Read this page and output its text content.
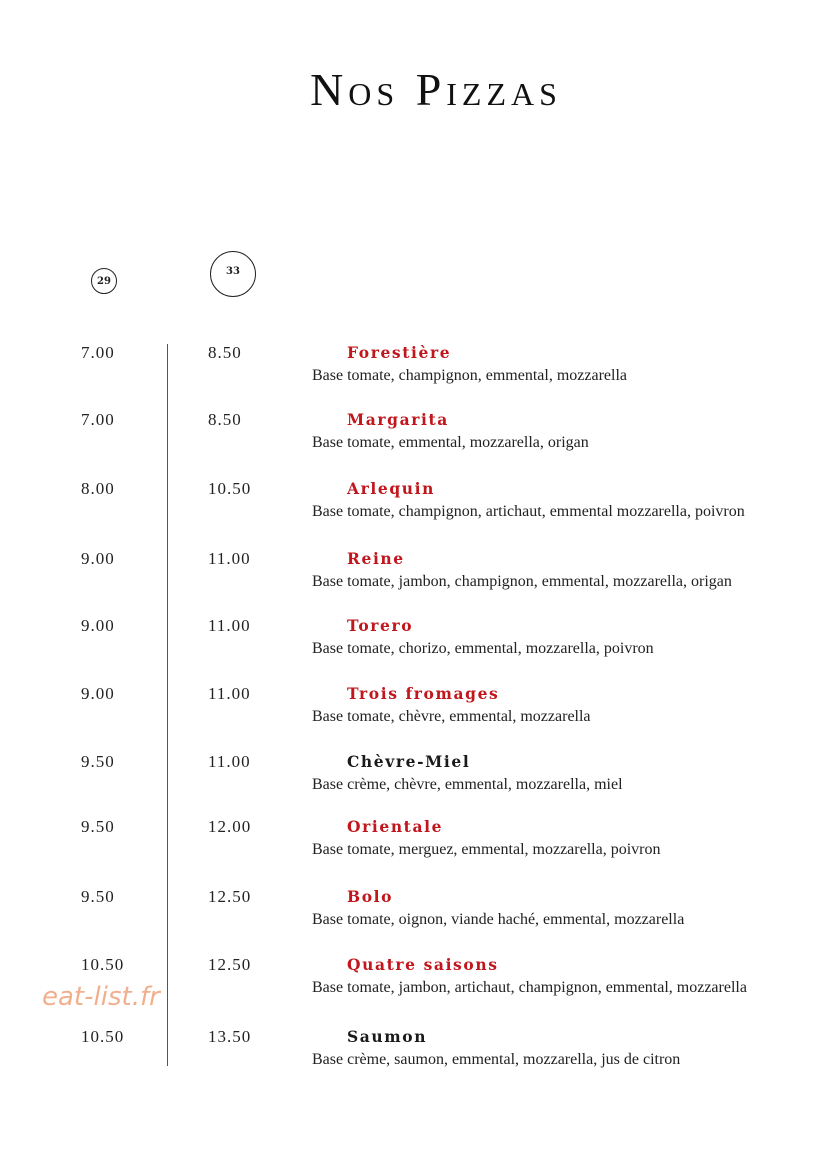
Nos Pizzas
29
33
7.00	8.50	Forestière
Base tomate, champignon, emmental, mozzarella
7.00	8.50	Margarita
Base tomate, emmental, mozzarella, origan
8.00	10.50	Arlequin
Base tomate, champignon, artichaut, emmental mozzarella, poivron
9.00	11.00	Reine
Base tomate, jambon, champignon, emmental, mozzarella, origan
9.00	11.00	Torero
Base tomate, chorizo, emmental, mozzarella, poivron
9.00	11.00	Trois fromages
Base tomate, chèvre, emmental, mozzarella
9.50	11.00	Chèvre-Miel
Base crème, chèvre, emmental, mozzarella, miel
9.50	12.00	Orientale
Base tomate, merguez, emmental, mozzarella, poivron
9.50	12.50	Bolo
Base tomate, oignon, viande haché, emmental, mozzarella
10.50	12.50	Quatre saisons
Base tomate, jambon, artichaut, champignon, emmental, mozzarella
10.50	13.50	Saumon
Base crème, saumon, emmental, mozzarella, jus de citron
eat-list.fr
